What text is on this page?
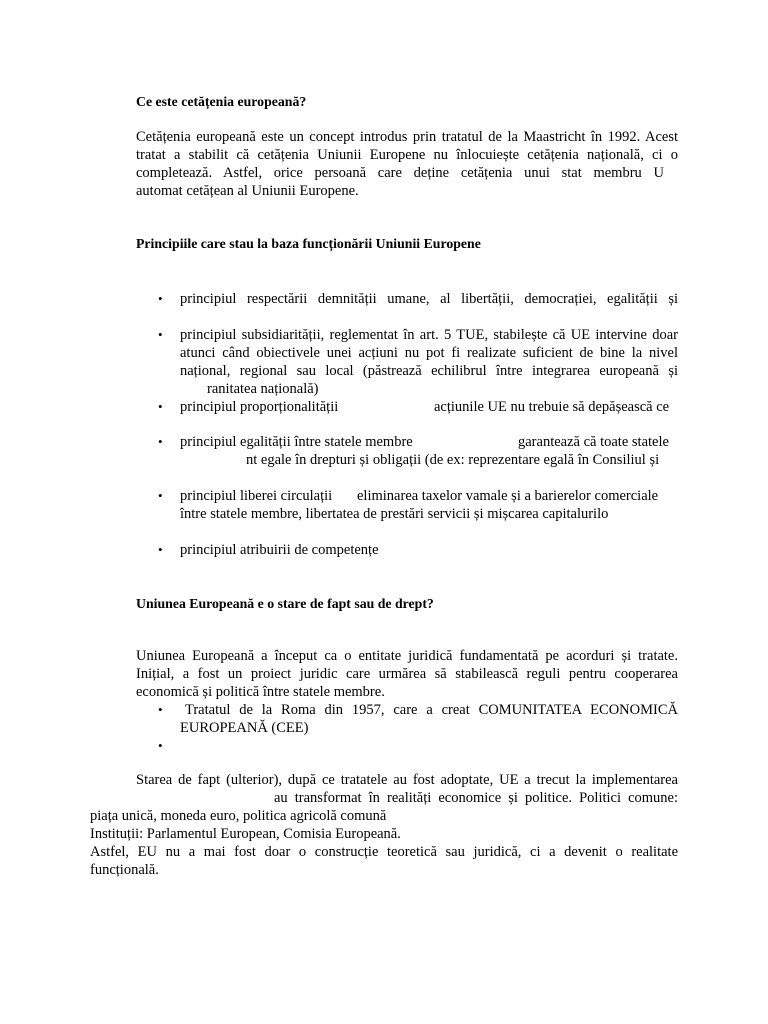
Ce este cetățenia europeană?
Cetățenia europeană este un concept introdus prin tratatul de la Maastricht în 1992. Acest
tratat a stabilit că cetățenia Uniunii Europene nu înlocuiește cetățenia națională, ci o
completează. Astfel, orice persoană care deține cetățenia unui stat membru U
automat cetățean al Uniunii Europene.
Principiile care stau la baza funcționării Uniunii Europene
• principiul respectării demnității umane, al libertății, democrației, egalității și
• principiul subsidiarității, reglementat în art. 5 TUE, stabilește că UE intervine doar
atunci când obiectivele unei acțiuni nu pot fi realizate suficient de bine la nivel
național, regional sau local (păstrează echilibrul între integrarea europeană și
ranitatea națională)
• principiul proporționalității	acțiunile UE nu trebuie să depășească ce
• principiul egalității între statele membre	garantează că toate statele
nt egale în drepturi și obligații (de ex: reprezentare egală în Consiliul și
• principiul liberei circulații eliminarea taxelor vamale și a barierelor comerciale
între statele membre, libertatea de prestări servicii și mișcarea capitalurilo
• principiul atribuirii de competențe
Uniunea Europeană e o stare de fapt sau de drept?
Uniunea Europeană a început ca o entitate juridică fundamentată pe acorduri și tratate.
Inițial, a fost un proiect juridic care urmărea să stabilească reguli pentru cooperarea
economică și politică între statele membre.
• Tratatul de la Roma din 1957, care a creat COMUNITATEA ECONOMICĂ
EUROPEANĂ (CEE)
•
Starea de fapt (ulterior), după ce tratatele au fost adoptate, UE a trecut la implementarea
au transformat în realități economice și politice. Politici comune:
piața unică, moneda euro, politica agricolă comună
Instituții: Parlamentul European, Comisia Europeană.
Astfel, EU nu a mai fost doar o construcție teoretică sau juridică, ci a devenit o realitate
funcțională.
